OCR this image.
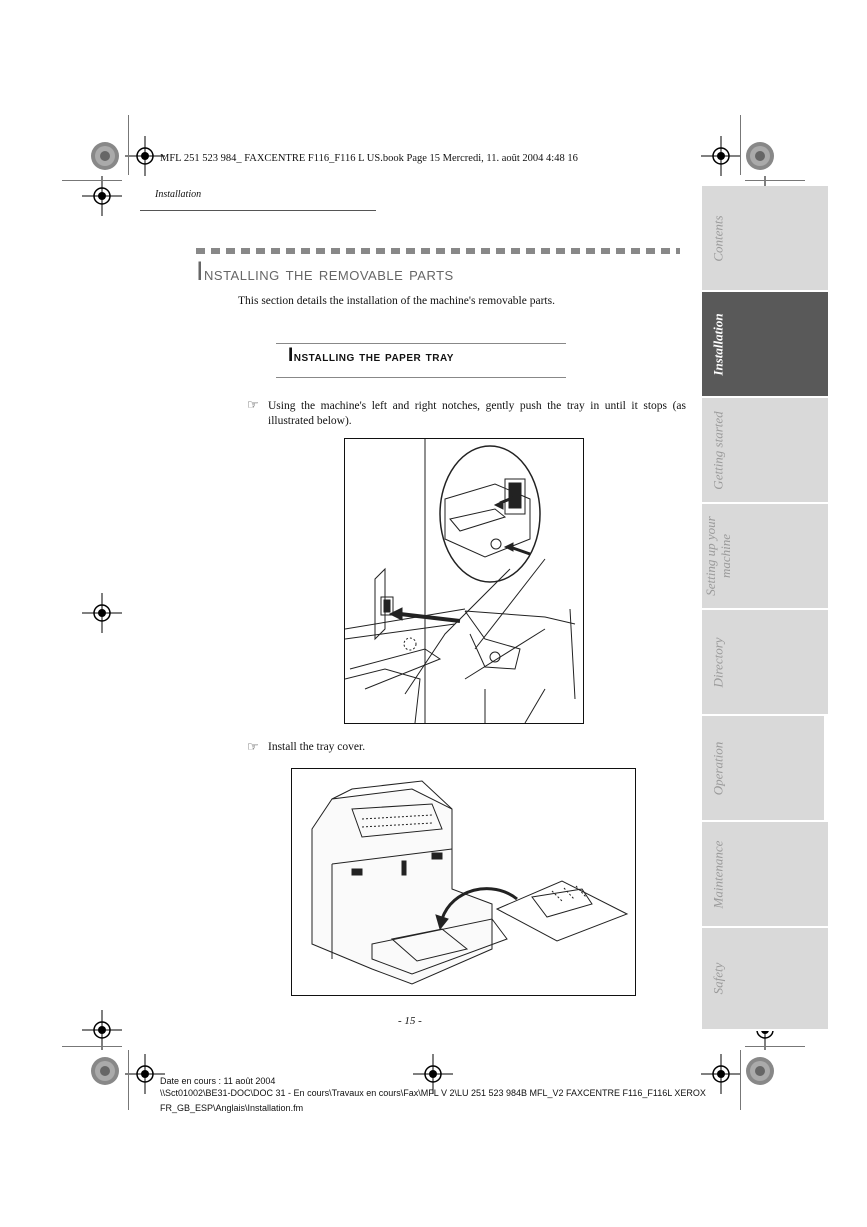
MFL 251 523 984_ FAXCENTRE F116_F116 L US.book Page 15 Mercredi, 11. août 2004 4:48 16
Installation
Installing the removable parts
This section details the installation of the machine's removable parts.
Installing the paper tray
☞ Using the machine's left and right notches, gently push the tray in until it stops (as illustrated below).
☞ Install the tray cover.
- 15 -
Contents
Installation
Getting started
Setting up your machine
Directory
Operation
Maintenance
Safety
Date en cours : 11 août 2004
\\Sct01002\BE31-DOC\DOC 31 - En cours\Travaux en cours\Fax\MFL V 2\LU 251 523 984B MFL_V2 FAXCENTRE F116_F116L XEROX
FR_GB_ESP\Anglais\Installation.fm
